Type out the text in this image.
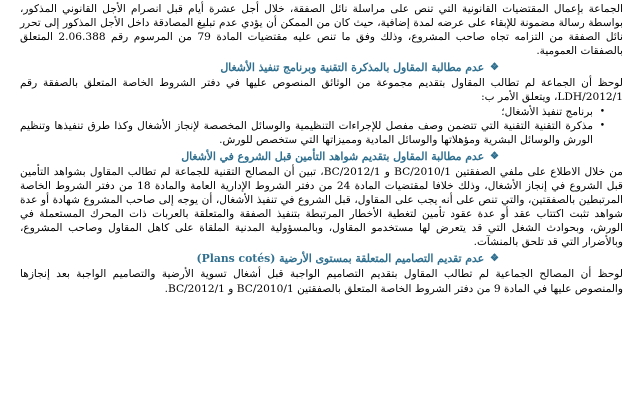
الجماعة بإعمال المقتضيات القانونية التي تنص على مراسلة نائل الصفقة، خلال أجل عشرة أيام قبل انصرام الأجل القانوني المذكور، بواسطة رسالة مضمونة للإبقاء على عرضه لمدة إضافية، حيث كان من الممكن أن يؤدي عدم تبليغ المصادقة داخل الأجل المذكور إلى تحرر نائل الصفقة من التزامه تجاه صاحب المشروع، وذلك وفق ما تنص عليه مقتضيات المادة 79 من المرسوم رقم 2.06.388 المتعلق بالصفقات العمومية.

❖
عدم مطالبة المقاول بالمذكرة التقنية وبرنامج تنفيذ الأشغال

لوحظ أن الجماعة لم تطالب المقاول بتقديم مجموعة من الوثائق المنصوص عليها في دفتر الشروط الخاصة المتعلق بالصفقة رقم 1/LDH/2012، ويتعلق الأمر ب:

•
برنامج تنفيذ الأشغال؛
•
مذكرة التقنية التقنية التي تتضمن وصف مفصل للإجراءات التنظيمية والوسائل المخصصة لإنجاز الأشغال وكذا طرق تنفيذها وتنظيم الورش والوسائل البشرية ومؤهلاتها والوسائل المادية ومميزاتها التي ستخصص للورش.
❖
عدم مطالبة المقاول بتقديم شواهد التأمين قبل الشروع في الأشغال

من خلال الاطلاع على ملفي الصفقتين 1/BC/2010 و 1/BC/2012، تبين أن المصالح التقنية للجماعة لم تطالب المقاول بشواهد التأمين قبل الشروع في إنجاز الأشغال، وذلك خلافا لمقتضيات المادة 24 من دفتر الشروط الإدارية العامة والمادة 18 من دفتر الشروط الخاصة المرتبطين بالصفقتين، والتي تنص على أنه يجب على المقاول، قبل الشروع في تنفيذ الأشغال، أن يوجه إلى صاحب المشروع شهادة أو عدة شواهد تثبت اكتتاب عقد أو عدة عقود تأمين لتغطية الأخطار المرتبطة بتنفيذ الصفقة والمتعلقة بالعربات ذات المحرك المستعملة في الورش، وبحوادث الشغل التي قد يتعرض لها مستخدمو المقاول، وبالمسؤولية المدنية الملقاة على كاهل المقاول وصاحب المشروع، وبالأضرار التي قد تلحق بالمنشآت.

❖
عدم تقديم التصاميم المتعلقة بمستوى الأرضية (Plans cotés)

لوحظ أن المصالح الجماعية لم تطالب المقاول بتقديم التصاميم الواجبة قبل أشغال تسوية الأرضية والتصاميم الواجبة بعد إنجازها والمنصوص عليها في المادة 9 من دفتر الشروط الخاصة المتعلق بالصفقتين 1/BC/2010 و 1/BC/2012.
